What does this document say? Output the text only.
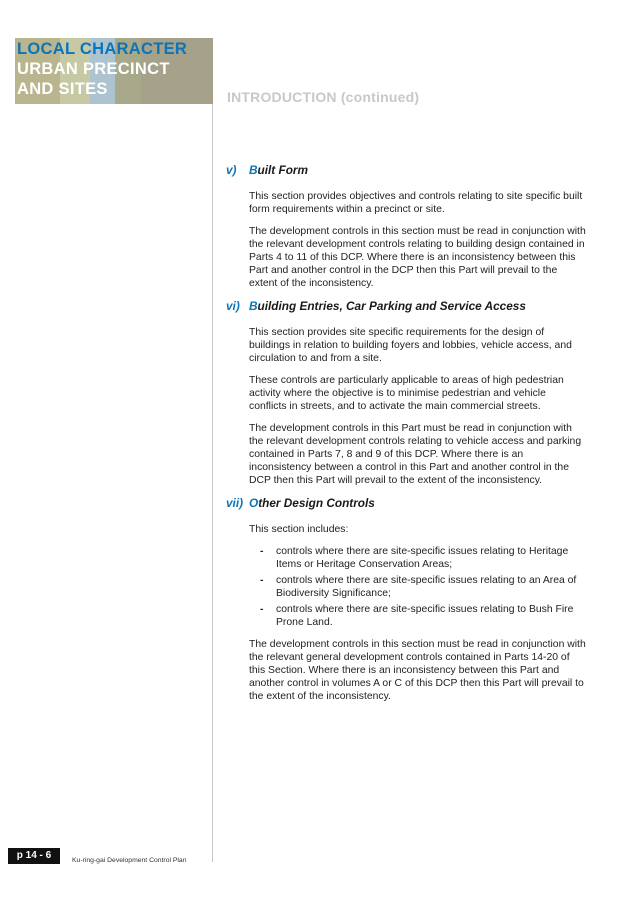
LOCAL CHARACTER
URBAN PRECINCT
AND SITES	INTRODUCTION (continued)
v) Built Form

This section provides objectives and controls relating to site specific built form requirements within a precinct or site.

The development controls in this section must be read in conjunction with the relevant development controls relating to building design contained in Parts 4 to 11 of this DCP. Where there is an inconsistency between this Part and another control in the DCP then this Part will prevail to the extent of the inconsistency.

vi) Building Entries, Car Parking and Service Access

This section provides site specific requirements for the design of buildings in relation to building foyers and lobbies, vehicle access, and circulation to and from a site.

These controls are particularly applicable to areas of high pedestrian activity where the objective is to minimise pedestrian and vehicle conflicts in streets, and to activate the main commercial streets.

The development controls in this Part must be read in conjunction with the relevant development controls relating to vehicle access and parking contained in Parts 7, 8 and 9 of this DCP. Where there is an inconsistency between a control in this Part and another control in the DCP then this Part will prevail to the extent of the inconsistency.

vii) Other Design Controls

This section includes:

- controls where there are site-specific issues relating to Heritage Items or Heritage Conservation Areas;
- controls where there are site-specific issues relating to an Area of Biodiversity Significance;
- controls where there are site-specific issues relating to Bush Fire Prone Land.

The development controls in this section must be read in conjunction with the relevant general development controls contained in Parts 14-20 of this Section. Where there is an inconsistency between this Part and another control in volumes A or C of this DCP then this Part will prevail to the extent of the inconsistency.

p 14 - 6	Ku-ring-gai Development Control Plan
